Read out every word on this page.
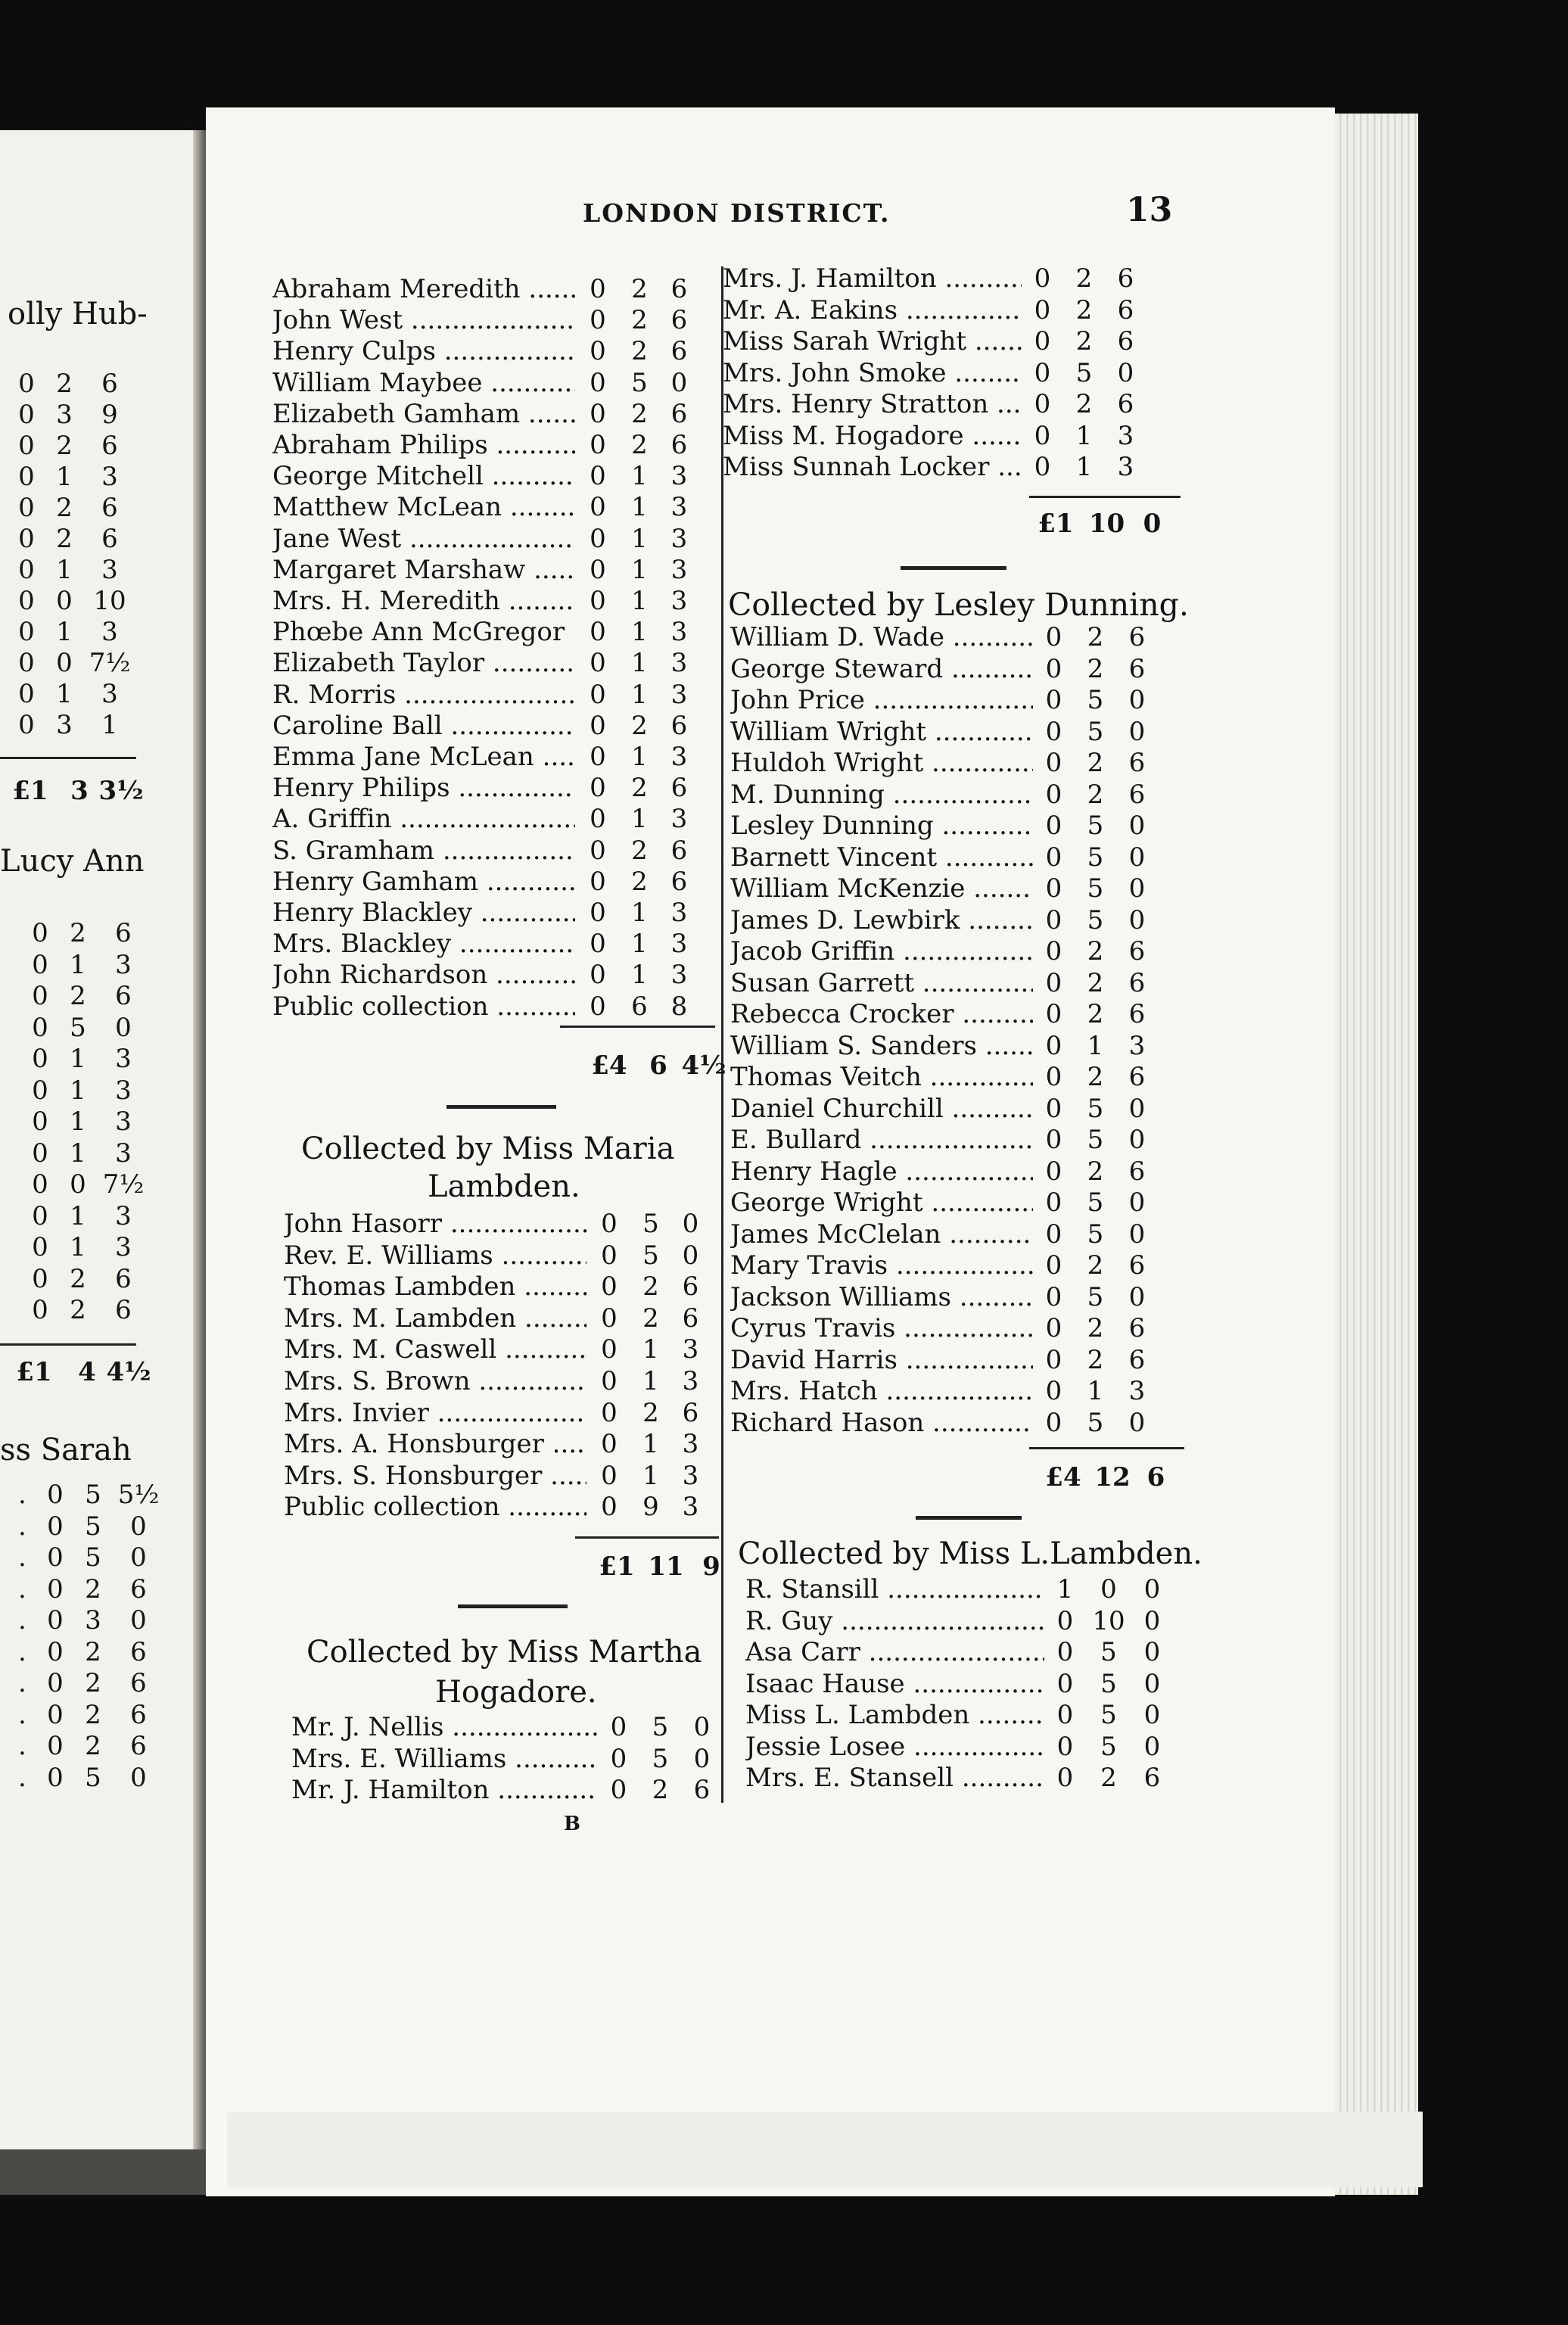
LONDON DISTRICT.	13
olly Hub-
0 2	6
0 3	9
0 2	6
0 1	3
0 2	6
0 2	6
0 1	3
0 0 10
0 1	3
0 0 7½
0 1	3
0 3	1
£1 3 3½
Lucy Ann
0 2	6
0 1	3
0 2	6
0 5	0
0 1	3
0 1	3
0 1	3
0 1	3
0 0 7½
0 1	3
0 1	3
0 2	6
0 2	6
£1	4 4½
ss Sarah
. 0 5 5½
. 0 5	0
. 0 5	0
. 0 2	6
. 0 3	0
. 0 2	6
. 0 2	6
. 0 2	6
. 0 2	6
. 0 5	0
Abraham Meredith .....	0 2 6
John West .....	0 2 6
Henry Culps .....	0 2 6
William Maybee .....	0 5 0
Elizabeth Gamham .....	0 2 6
Abraham Philips .....	0 2 6
George Mitchell .....	0 1 3
Matthew McLean .....	0 1 3
Jane West .....	0 1 3
Margaret Marshaw .....	0 1 3
Mrs. H. Meredith .....	0 1 3
Phœbe Ann McGregor ..... 0 1 3
Elizabeth Taylor .....	0 1 3
R. Morris .....	0 1 3
Caroline Ball .....	0 2 6
Emma Jane McLean .....	0 1 3
Henry Philips .....	0 2 6
A. Griffin .....	0 1 3
S. Gramham .....	0 2 6
Henry Gamham .....	0 2 6
Henry Blackley .....	0 1 3
Mrs. Blackley .....	0 1 3
John Richardson .....	0 1 3
Public collection .....	0 6 8
£4 6 4½
Collected by Miss Maria
Lambden.
John Hasorr .....	0 5 0
Rev. E. Williams .....	0 5 0
Thomas Lambden .....	0 2 6
Mrs. M. Lambden .....	0 2 6
Mrs. M. Caswell .....	0 1 3
Mrs. S. Brown .....	0 1 3
Mrs. Invier .....	0 2 6
Mrs. A. Honsburger .....	0 1 3
Mrs. S. Honsburger .....	0 1 3
Public collection .....	0 9 3
£1 11 9
Collected by Miss Martha
Hogadore.
Mr. J. Nellis .....	0 5 0
Mrs. E. Williams .....	0 5 0
Mr. J. Hamilton .....	0 2 6
Mrs. J. Hamilton .....	0 2 6
Mr. A. Eakins .....	0 2 6
Miss Sarah Wright .....	0 2 6
Mrs. John Smoke .....	0 5 0
Mrs. Henry Stratton .....	0 2 6
Miss M. Hogadore .....	0 1 3
Miss Sunnah Locker .....	0 1 3
£1 10 0
Collected by Lesley Dunning.
William D. Wade .....	0 2 6
George Steward .....	0 2 6
John Price .....	0 5 0
William Wright .....	0 5 0
Huldoh Wright .....	0 2 6
M. Dunning .....	0 2 6
Lesley Dunning .....	0 5 0
Barnett Vincent .....	0 5 0
William McKenzie .....	0 5 0
James D. Lewbirk .....	0 5 0
Jacob Griffin .....	0 2 6
Susan Garrett .....	0 2 6
Rebecca Crocker .....	0 2 6
William S. Sanders .....	0 1 3
Thomas Veitch .....	0 2 6
Daniel Churchill .....	0 5 0
E. Bullard .....	0 5 0
Henry Hagle .....	0 2 6
George Wright .....	0 5 0
James McClelan .....	0 5 0
Mary Travis .....	0 2 6
Jackson Williams .....	0 5 0
Cyrus Travis .....	0 2 6
David Harris .....	0 2 6
Mrs. Hatch .....	0 1 3
Richard Hason .....	0 5 0
£4 12 6
Collected by Miss L.Lambden.
R. Stansill .....	1	0	0
R. Guy .....	0 10 0
Asa Carr .....	0	5	0
Isaac Hause .....	0	5	0
Miss L. Lambden .....	0	5	0
Jessie Losee .....	0	5	0
Mrs. E. Stansell .....	0	2	6
B
